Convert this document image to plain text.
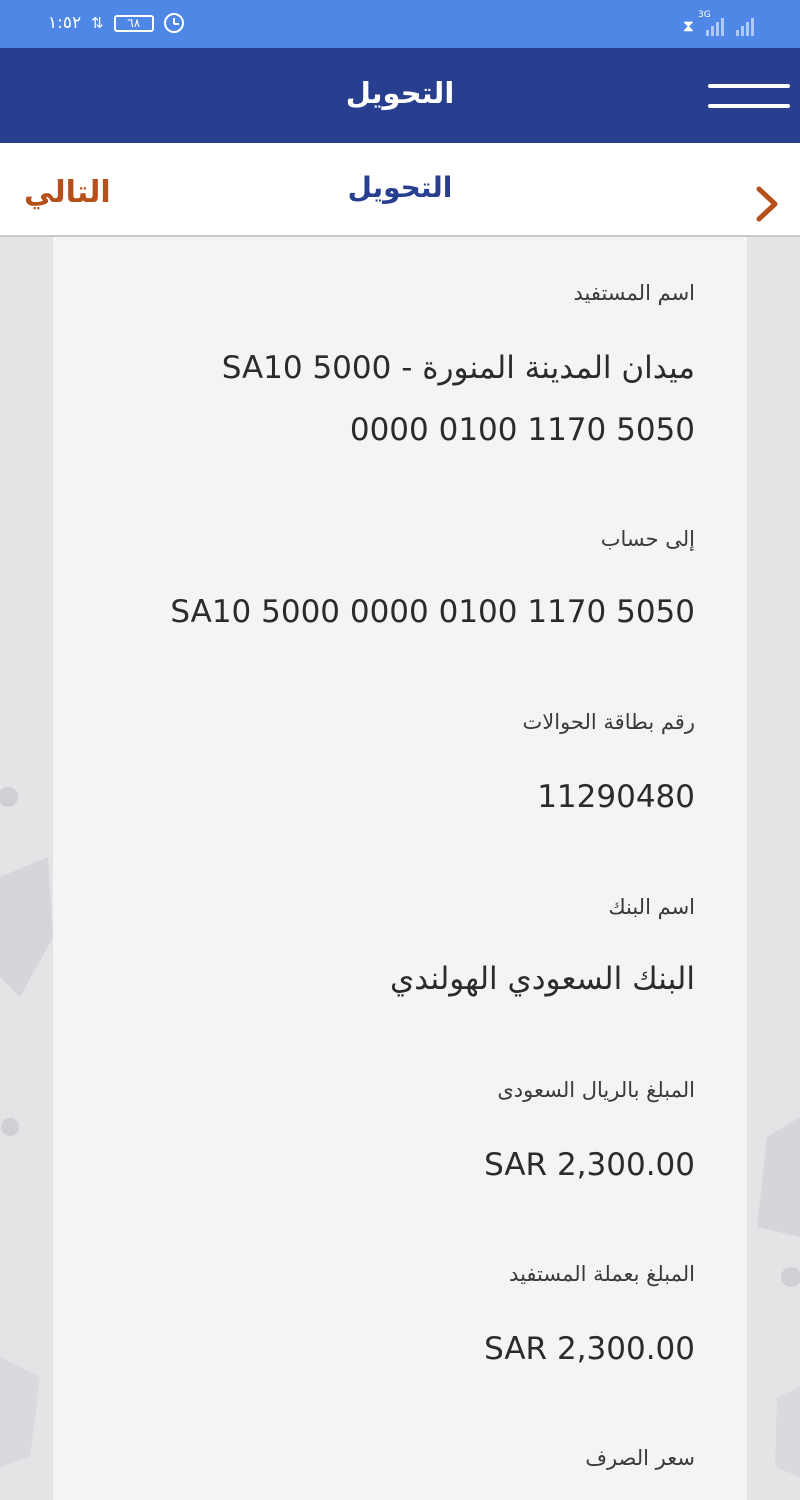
١:٥٢ ⇅ ٦٨	⧗
3G
التحويل
التحويل
التالي
اسم المستفيد
ميدان المدينة المنورة - SA10 5000 0000 0100 1170 5050
إلى حساب
SA10 5000 0000 0100 1170 5050
رقم بطاقة الحوالات
11290480
اسم البنك
البنك السعودي الهولندي
المبلغ بالريال السعودى
SAR 2,300.00
المبلغ بعملة المستفيد
SAR 2,300.00
سعر الصرف
